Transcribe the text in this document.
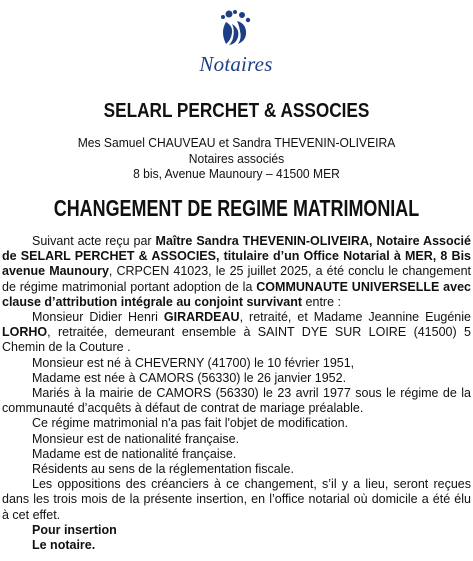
Notaires
SELARL PERCHET & ASSOCIES
Mes Samuel CHAUVEAU et Sandra THEVENIN-OLIVEIRA
Notaires associés
8 bis, Avenue Maunoury – 41500 MER
CHANGEMENT DE REGIME MATRIMONIAL

Suivant acte reçu par Maître Sandra THEVENIN-OLIVEIRA, Notaire Associé de SELARL PERCHET & ASSOCIES, titulaire d’un Office Notarial à MER, 8 Bis avenue Maunoury, CRPCEN 41023, le 25 juillet 2025, a été conclu le changement de régime matrimonial portant adoption de la COMMUNAUTE UNIVERSELLE avec clause d’attribution intégrale au conjoint survivant entre :

Monsieur Didier Henri GIRARDEAU, retraité, et Madame Jeannine Eugénie LORHO, retraitée, demeurant ensemble à SAINT DYE SUR LOIRE (41500) 5 Chemin de la Couture .

Monsieur est né à CHEVERNY (41700) le 10 février 1951,

Madame est née à CAMORS (56330) le 26 janvier 1952.

Mariés à la mairie de CAMORS (56330) le 23 avril 1977 sous le régime de la communauté d’acquêts à défaut de contrat de mariage préalable.

Ce régime matrimonial n'a pas fait l'objet de modification.

Monsieur est de nationalité française.

Madame est de nationalité française.

Résidents au sens de la réglementation fiscale.

Les oppositions des créanciers à ce changement, s’il y a lieu, seront reçues dans les trois mois de la présente insertion, en l’office notarial où domicile a été élu à cet effet.

Pour insertion

Le notaire.
